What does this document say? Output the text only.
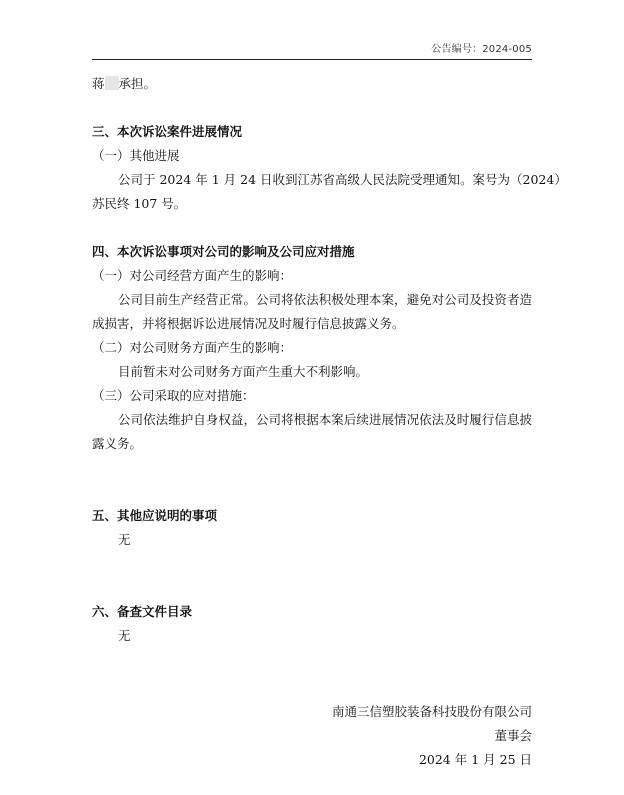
公告编号：2024-005
蒋 承担。
三、本次诉讼案件进展情况
（一）其他进展
公司于 2024 年 1 月 24 日收到江苏省高级人民法院受理通知。案号为（2024）
苏民终 107 号。
四、本次诉讼事项对公司的影响及公司应对措施
（一）对公司经营方面产生的影响：
公司目前生产经营正常。公司将依法积极处理本案，避免对公司及投资者造
成损害，并将根据诉讼进展情况及时履行信息披露义务。
（二）对公司财务方面产生的影响：
目前暂未对公司财务方面产生重大不利影响。
（三）公司采取的应对措施：
公司依法维护自身权益，公司将根据本案后续进展情况依法及时履行信息披
露义务。
五、其他应说明的事项
无
六、备查文件目录
无
南通三信塑胶装备科技股份有限公司
董事会
2024 年 1 月 25 日
